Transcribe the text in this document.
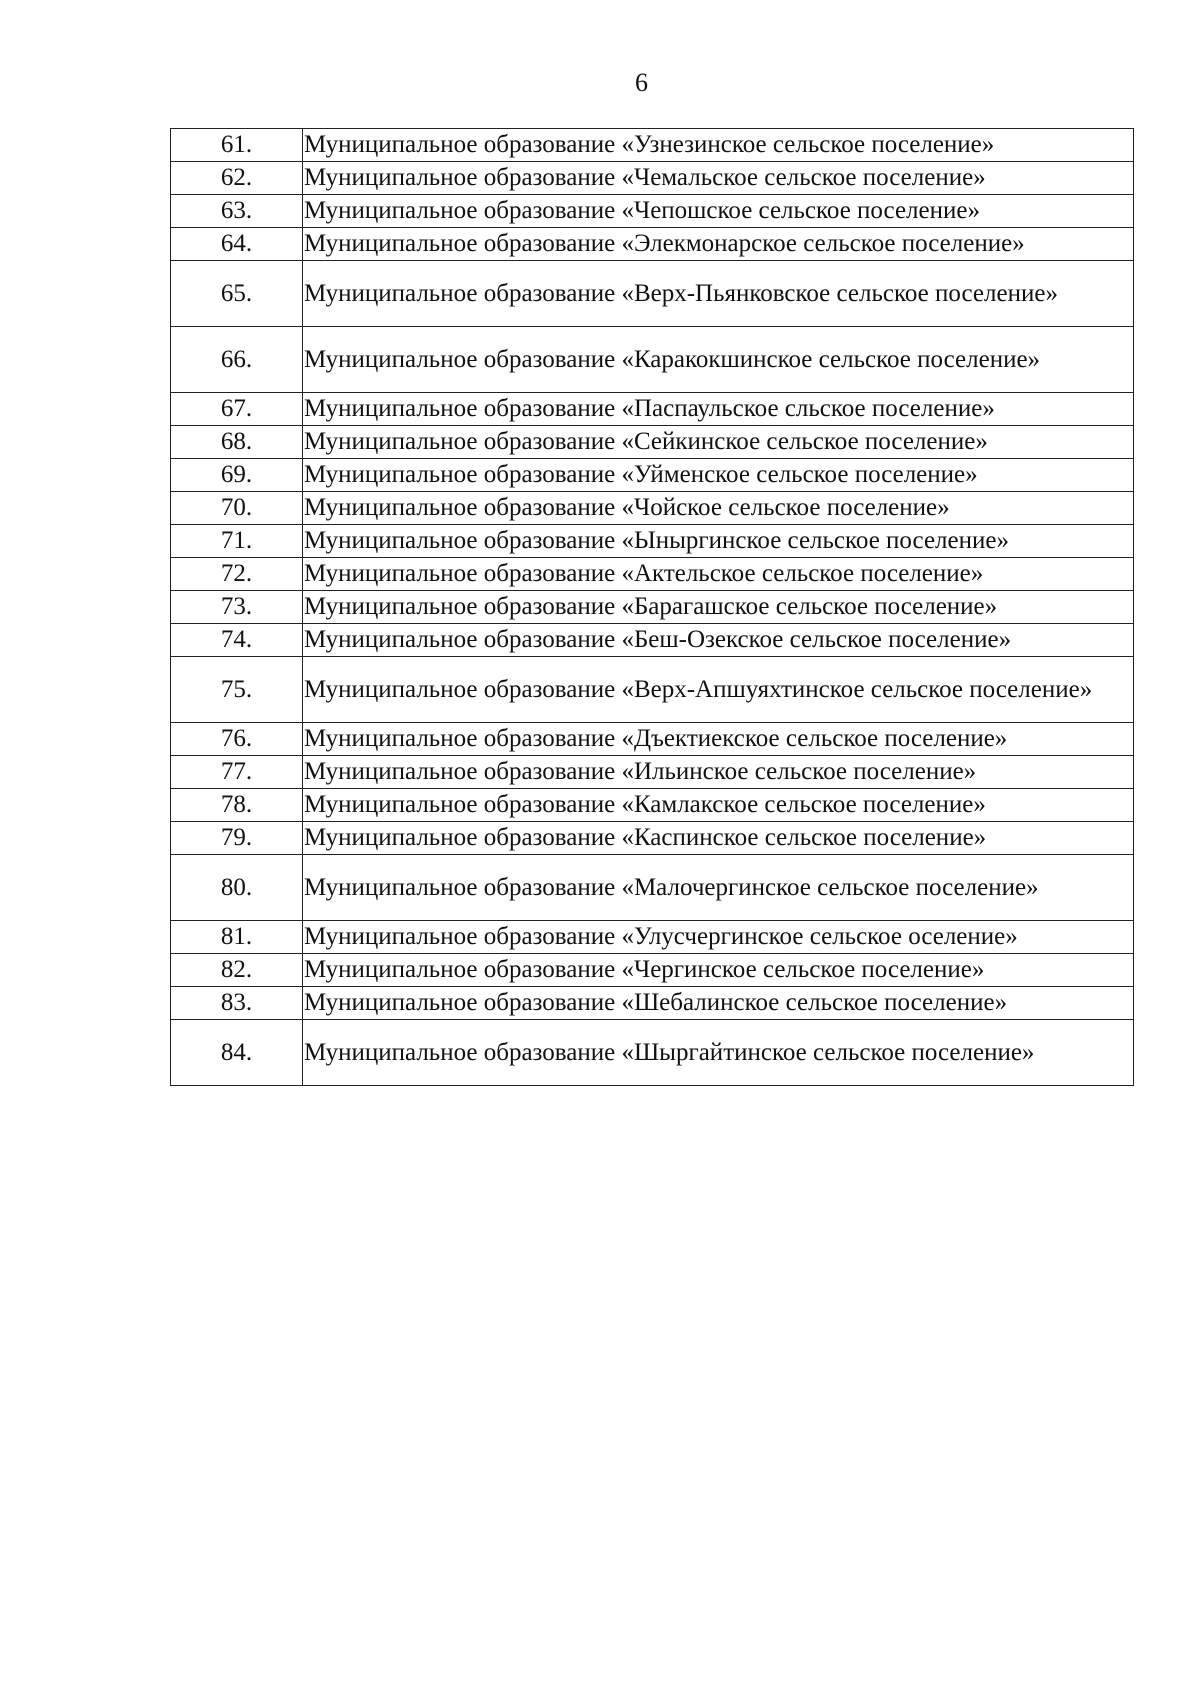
6
61.	Муниципальное образование «Узнезинское сельское поселение»
62.	Муниципальное образование «Чемальское сельское поселение»
63.	Муниципальное образование «Чепошское сельское поселение»
64.	Муниципальное образование «Элекмонарское сельское поселение»
65.	Муниципальное образование «Верх-Пьянковское сельское поселение»
66.	Муниципальное образование «Каракокшинское сельское поселение»
67.	Муниципальное образование «Паспаульское сльское поселение»
68.	Муниципальное образование «Сейкинское сельское поселение»
69.	Муниципальное образование «Уйменское сельское поселение»
70.	Муниципальное образование «Чойское сельское поселение»
71.	Муниципальное образование «Ыныргинское сельское поселение»
72.	Муниципальное образование «Актельское сельское поселение»
73.	Муниципальное образование «Барагашское сельское поселение»
74.	Муниципальное образование «Беш-Озекское сельское поселение»
75.	Муниципальное образование «Верх-Апшуяхтинское сельское поселение»
76.	Муниципальное образование «Дъектиекское сельское поселение»
77.	Муниципальное образование «Ильинское сельское поселение»
78.	Муниципальное образование «Камлакское сельское поселение»
79.	Муниципальное образование «Каспинское сельское поселение»
80.	Муниципальное образование «Малочергинское сельское поселение»
81.	Муниципальное образование «Улусчергинское сельское оселение»
82.	Муниципальное образование «Чергинское сельское поселение»
83.	Муниципальное образование «Шебалинское сельское поселение»
84.	Муниципальное образование «Шыргайтинское сельское поселение»
